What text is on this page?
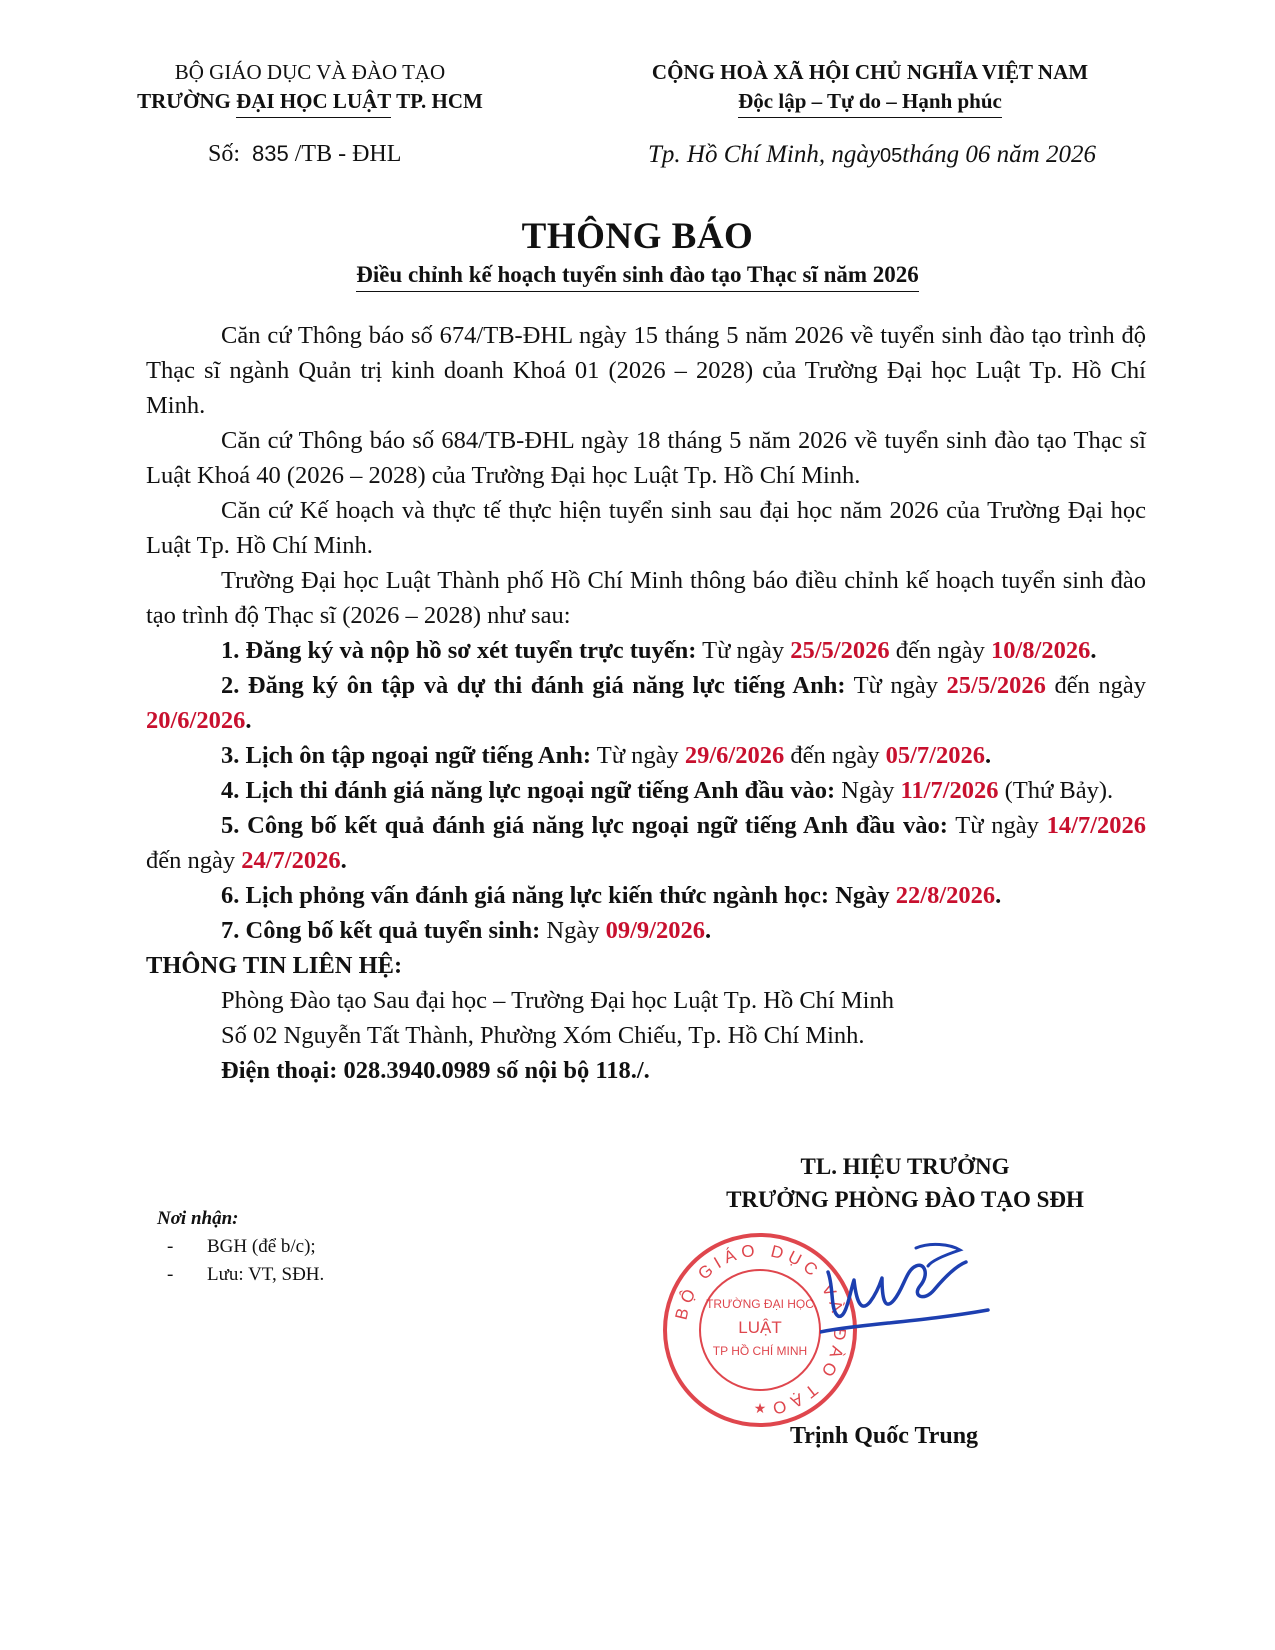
BỘ GIÁO DỤC VÀ ĐÀO TẠO
TRƯỜNG ĐẠI HỌC LUẬT TP. HCM
CỘNG HOÀ XÃ HỘI CHỦ NGHĨA VIỆT NAM
Độc lập – Tự do – Hạnh phúc
Số: 835 /TB - ĐHL	Tp. Hồ Chí Minh, ngày05tháng 06 năm 2026
THÔNG BÁO
Điều chỉnh kế hoạch tuyển sinh đào tạo Thạc sĩ năm 2026

Căn cứ Thông báo số 674/TB-ĐHL ngày 15 tháng 5 năm 2026 về tuyển sinh đào tạo trình độ Thạc sĩ ngành Quản trị kinh doanh Khoá 01 (2026 – 2028) của Trường Đại học Luật Tp. Hồ Chí Minh.

Căn cứ Thông báo số 684/TB-ĐHL ngày 18 tháng 5 năm 2026 về tuyển sinh đào tạo Thạc sĩ Luật Khoá 40 (2026 – 2028) của Trường Đại học Luật Tp. Hồ Chí Minh.

Căn cứ Kế hoạch và thực tế thực hiện tuyển sinh sau đại học năm 2026 của Trường Đại học Luật Tp. Hồ Chí Minh.

Trường Đại học Luật Thành phố Hồ Chí Minh thông báo điều chỉnh kế hoạch tuyển sinh đào tạo trình độ Thạc sĩ (2026 – 2028) như sau:

1. Đăng ký và nộp hồ sơ xét tuyển trực tuyến: Từ ngày 25/5/2026 đến ngày 10/8/2026.

2. Đăng ký ôn tập và dự thi đánh giá năng lực tiếng Anh: Từ ngày 25/5/2026 đến ngày 20/6/2026.

3. Lịch ôn tập ngoại ngữ tiếng Anh: Từ ngày 29/6/2026 đến ngày 05/7/2026.

4. Lịch thi đánh giá năng lực ngoại ngữ tiếng Anh đầu vào: Ngày 11/7/2026 (Thứ Bảy).

5. Công bố kết quả đánh giá năng lực ngoại ngữ tiếng Anh đầu vào: Từ ngày 14/7/2026 đến ngày 24/7/2026.

6. Lịch phỏng vấn đánh giá năng lực kiến thức ngành học: Ngày 22/8/2026.

7. Công bố kết quả tuyển sinh: Ngày 09/9/2026.

THÔNG TIN LIÊN HỆ:

Phòng Đào tạo Sau đại học – Trường Đại học Luật Tp. Hồ Chí Minh

Số 02 Nguyễn Tất Thành, Phường Xóm Chiếu, Tp. Hồ Chí Minh.

Điện thoại: 028.3940.0989 số nội bộ 118./.

TL. HIỆU TRƯỞNG
TRƯỞNG PHÒNG ĐÀO TẠO SĐH
BỘ GIÁO DỤC VÀ ĐÀO TẠO
TRƯỜNG ĐẠI HỌC
LUẬT
TP HỒ CHÍ MINH
★
Trịnh Quốc Trung
Nơi nhận:
- BGH (để b/c);
- Lưu: VT, SĐH.
